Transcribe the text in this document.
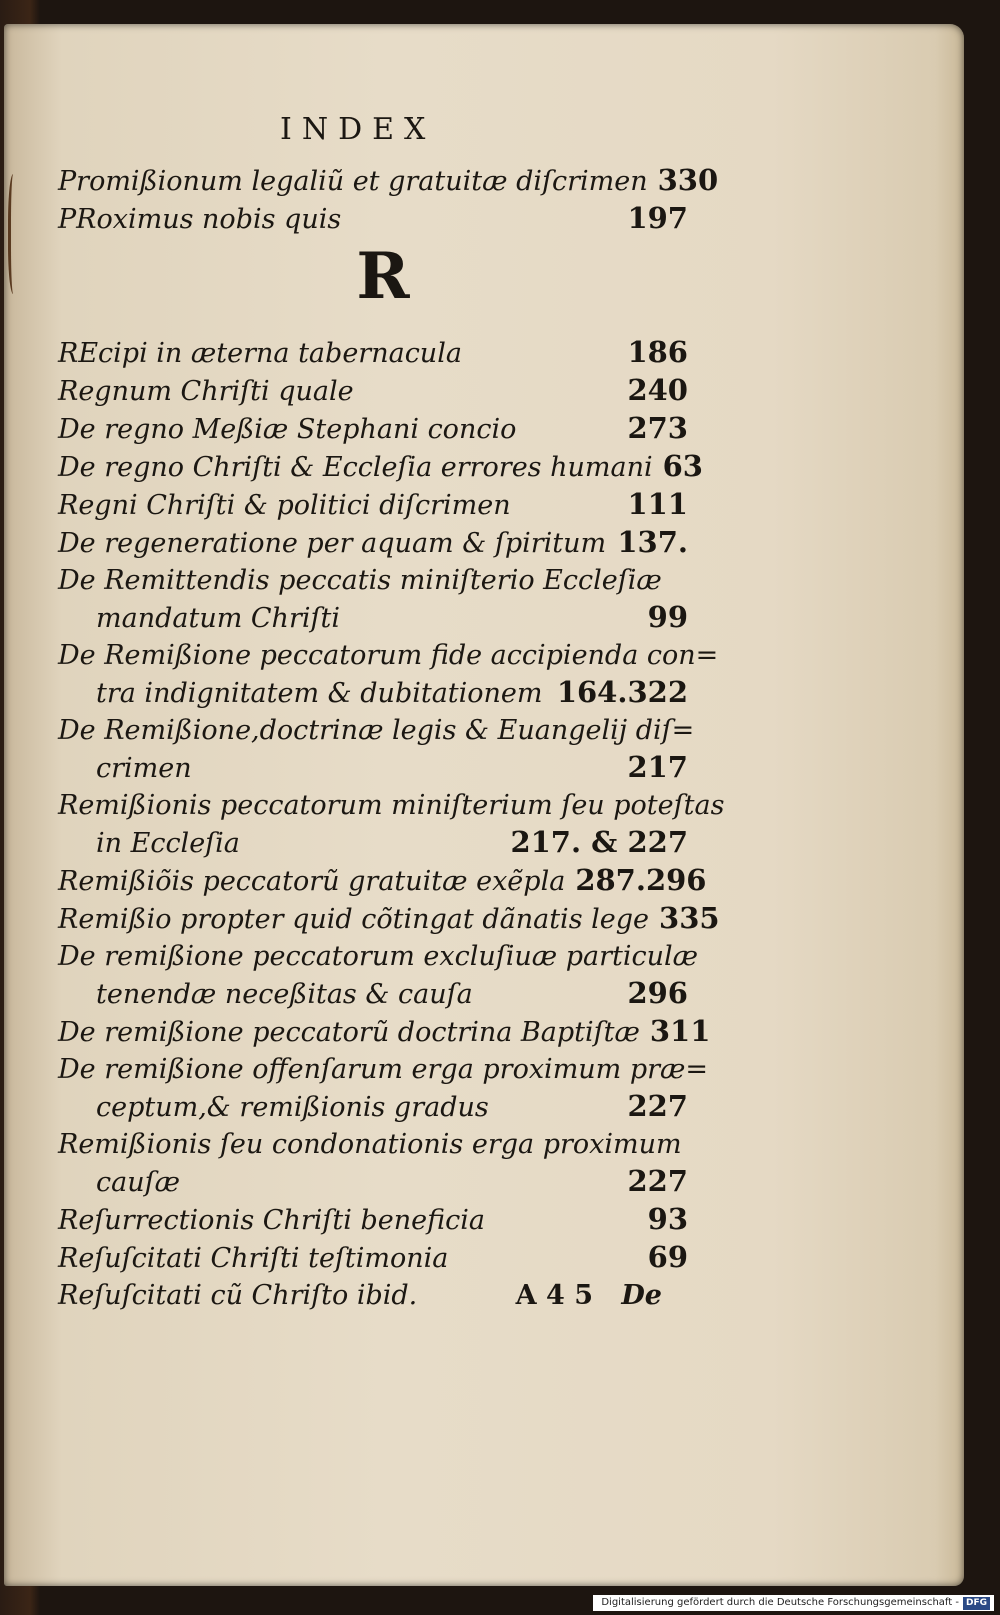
INDEX
Promißionum legaliũ et gratuitæ diſcrimen 330
PRoximus nobis quis	197
R
REcipi in æterna tabernacula	186
Regnum Chriſti quale	240
De regno Meßiæ Stephani concio	273
De regno Chriſti & Eccleſia errores humani 63
Regni Chriſti & politici diſcrimen	111
De regeneratione per aquam & ſpiritum 137.
De Remittendis peccatis miniſterio Eccleſiæ
mandatum Chriſti	99
De Remißione peccatorum fide accipienda con=
tra indignitatem & dubitationem 164.322
De Remißione,doctrinæ legis & Euangelij diſ=
crimen	217
Remißionis peccatorum miniſterium ſeu poteſtas
in Eccleſia	217. & 227
Remißiõis peccatorũ gratuitæ exẽpla 287.296
Remißio propter quid cõtingat dãnatis lege 335
De remißione peccatorum excluſiuæ particulæ
tenendæ neceßitas & cauſa	296
De remißione peccatorũ doctrina Baptiſtæ 311
De remißione offenſarum erga proximum præ=
ceptum,& remißionis gradus	227
Remißionis ſeu condonationis erga proximum
cauſæ	227
Reſurrectionis Chriſti beneficia	93
Reſuſcitati Chriſti teſtimonia	69
Reſuſcitati cũ Chriſto ibid.	A 4 5 De
Digitalisierung gefördert durch die Deutsche Forschungsgemeinschaft - DFG
